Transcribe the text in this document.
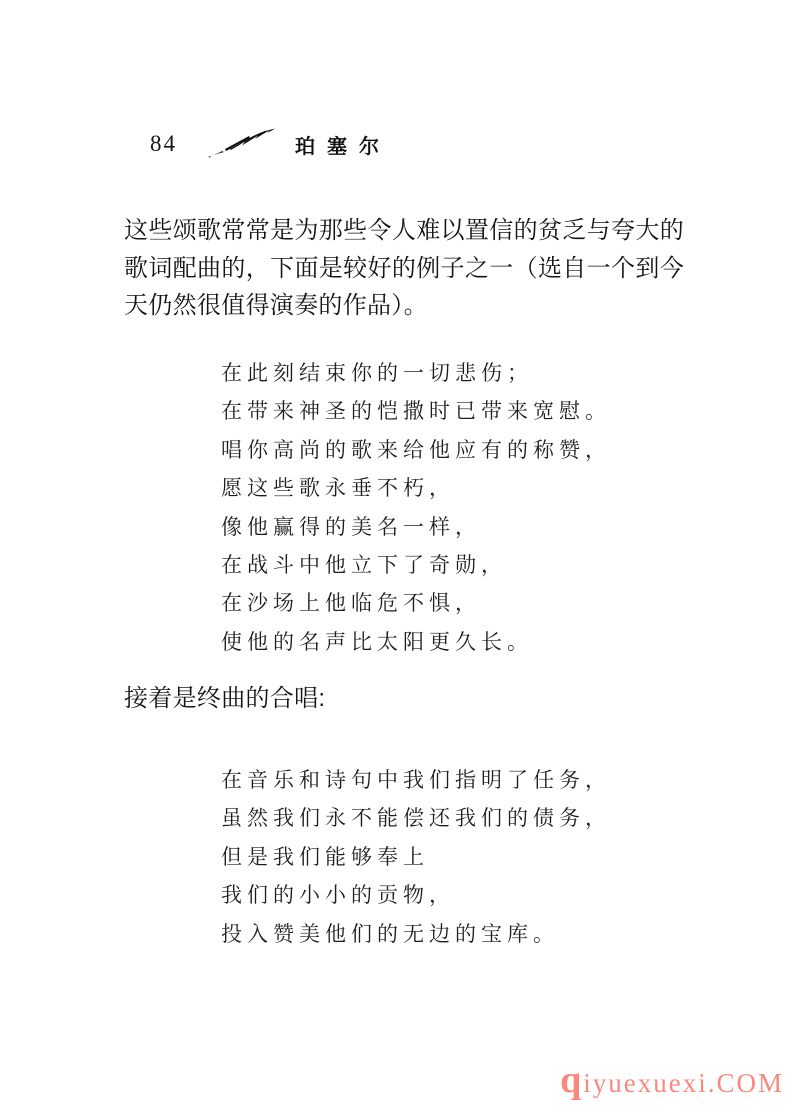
84	珀塞尔

这些颂歌常常是为那些令人难以置信的贫乏与夸大的歌词配曲的，下面是较好的例子之一（选自一个到今天仍然很值得演奏的作品）。

在此刻结束你的一切悲伤；
在带来神圣的恺撒时已带来宽慰。
唱你高尚的歌来给他应有的称赞，
愿这些歌永垂不朽，
像他赢得的美名一样，
在战斗中他立下了奇勋，
在沙场上他临危不惧，
使他的名声比太阳更久长。

接着是终曲的合唱:

在音乐和诗句中我们指明了任务，
虽然我们永不能偿还我们的债务，
但是我们能够奉上
我们的小小的贡物，
投入赞美他们的无边的宝库。
qiyuexuexi.COM
